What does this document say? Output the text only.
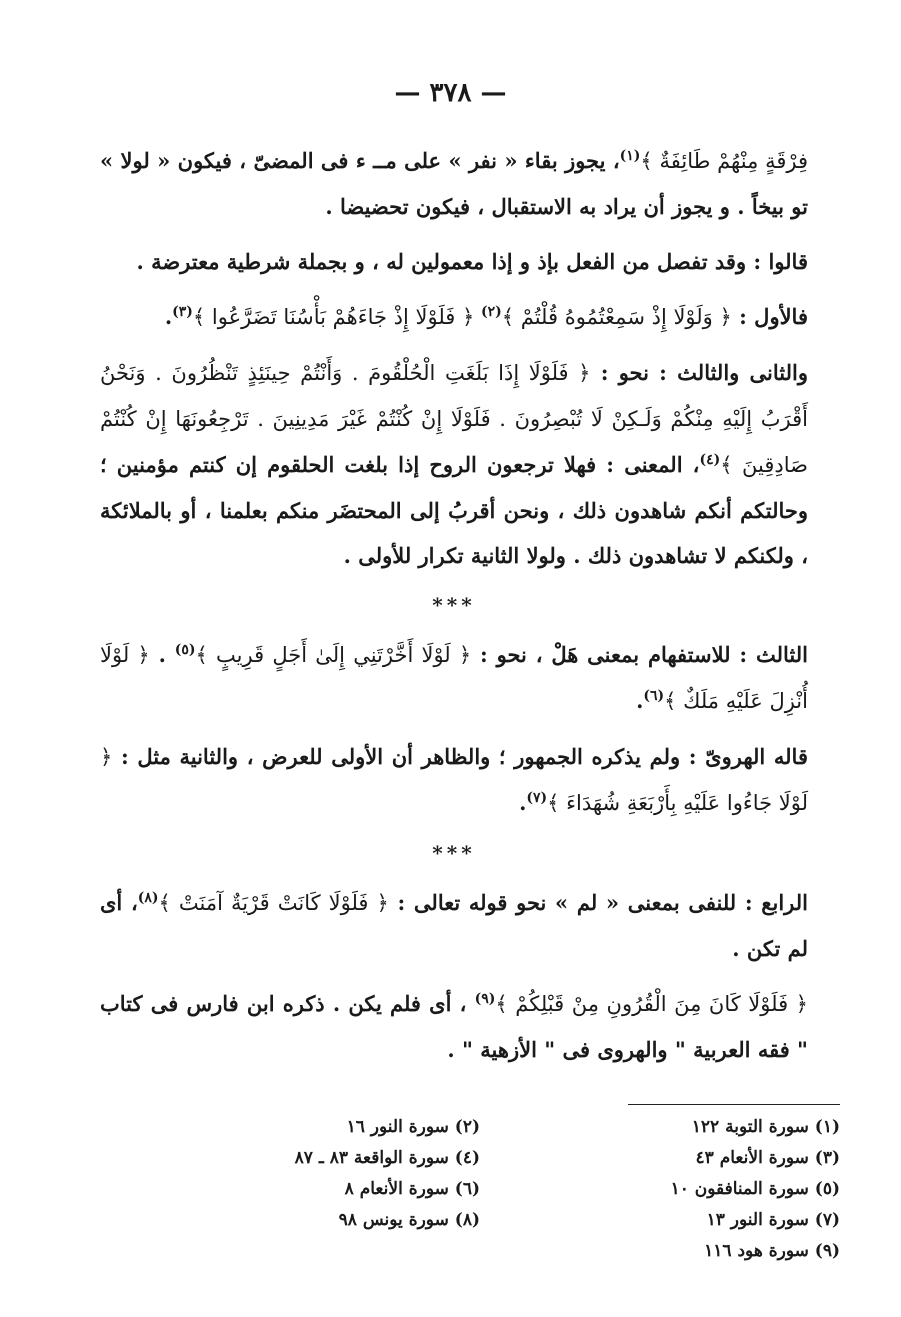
— ٣٧٨ —

فِرْقَةٍ مِنْهُمْ طَائِفَةٌ ﴾$^{(١)}$، يجوز بقاء « نفر » على مــ ء فى المضىّ ، فيكون « لولا » تو بيخاً . و يجوز أن يراد به الاستقبال ، فيكون تحضيضا .

قالوا : وقد تفصل من الفعل بإذ و إذا معمولين له ، و بجملة شرطية معترضة .

فالأول : ﴿ وَلَوْلَا إِذْ سَمِعْتُمُوهُ قُلْتُمْ ﴾$^{(٢)}$ ﴿ فَلَوْلَا إِذْ جَاءَهُمْ بَأْسُنَا تَضَرَّعُوا ﴾$^{(٣)}$.

والثانى والثالث : نحو : ﴿ فَلَوْلَا إِذَا بَلَغَتِ الْحُلْقُومَ . وَأَنْتُمْ حِينَئِذٍ تَنْظُرُونَ . وَنَحْنُ أَقْرَبُ إِلَيْهِ مِنْكُمْ وَلَـكِنْ لَا تُبْصِرُونَ . فَلَوْلَا إِنْ كُنْتُمْ غَيْرَ مَدِينِينَ . تَرْجِعُونَهَا إِنْ كُنْتُمْ صَادِقِينَ ﴾$^{(٤)}$، المعنى : فهلا ترجعون الروح إذا بلغت الحلقوم إن كنتم مؤمنين ؛ وحالتكم أنكم شاهدون ذلك ، ونحن أقربُ إلى المحتضَر منكم بعلمنا ، أو بالملائكة ، ولكنكم لا تشاهدون ذلك . ولولا الثانية تكرار للأولى .

***

الثالث : للاستفهام بمعنى هَلْ ، نحو : ﴿ لَوْلَا أَخَّرْتَنِي إِلَىٰ أَجَلٍ قَرِيبٍ ﴾$^{(٥)}$ . ﴿ لَوْلَا أُنْزِلَ عَلَيْهِ مَلَكٌ ﴾$^{(٦)}$.

قاله الهروىّ : ولم يذكره الجمهور ؛ والظاهر أن الأولى للعرض ، والثانية مثل : ﴿ لَوْلَا جَاءُوا عَلَيْهِ بِأَرْبَعَةِ شُهَدَاءَ ﴾$^{(٧)}$.

***

الرابع : للنفى بمعنى « لم » نحو قوله تعالى : ﴿ فَلَوْلَا كَانَتْ قَرْيَةٌ آمَنَتْ ﴾$^{(٨)}$، أى لم تكن .

﴿ فَلَوْلَا كَانَ مِنَ الْقُرُونِ مِنْ قَبْلِكُمْ ﴾$^{(٩)}$ ، أى فلم يكن . ذكره ابن فارس فى كتاب " فقه العربية " والهروى فى " الأزهية " .

(١) سورة التوبة ١٢٢
(٣) سورة الأنعام ٤٣
(٥) سورة المنافقون ١٠
(٧) سورة النور ١٣
(٩) سورة هود ١١٦
(٢) سورة النور ١٦
(٤) سورة الواقعة ٨٣ ـ ٨٧
(٦) سورة الأنعام ٨
(٨) سورة يونس ٩٨
